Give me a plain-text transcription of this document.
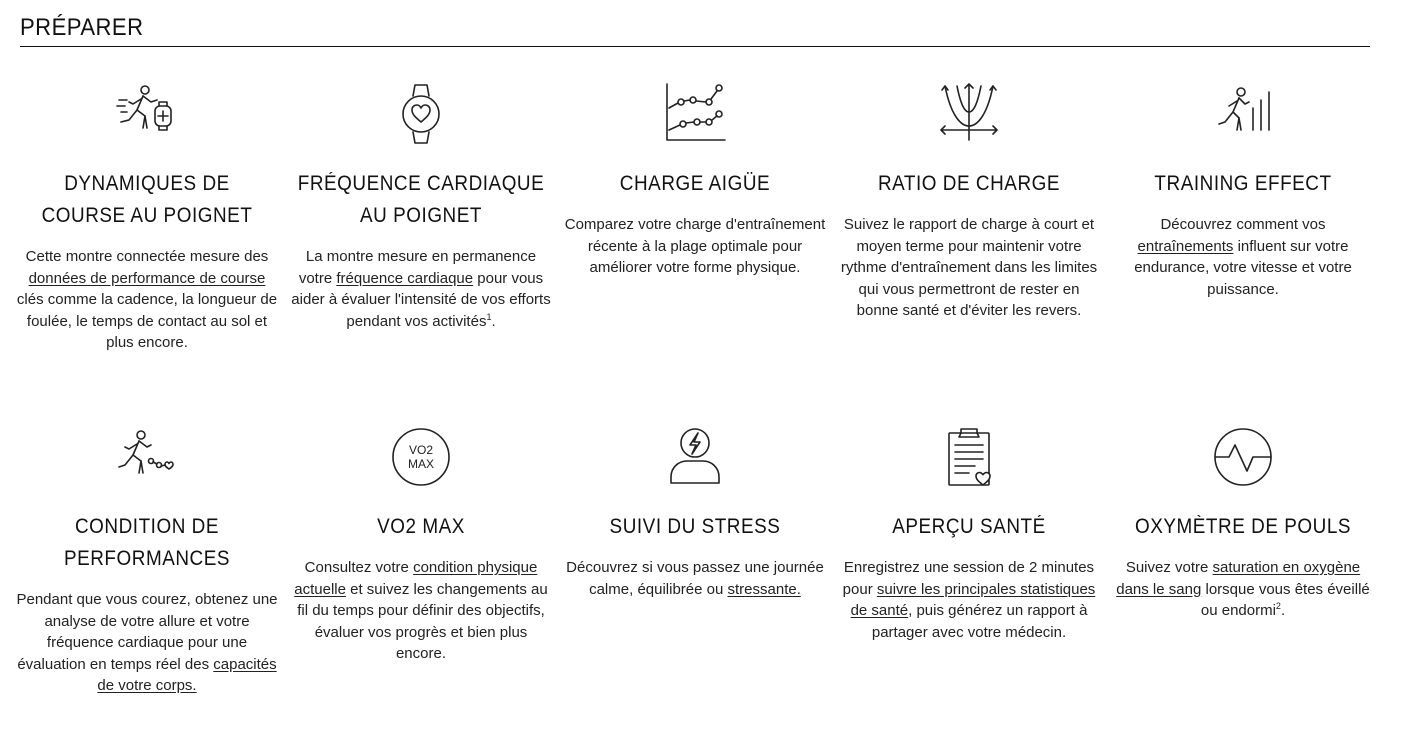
PRÉPARER
DYNAMIQUES DE COURSE AU POIGNET

Cette montre connectée mesure des données de performance de course clés comme la cadence, la longueur de foulée, le temps de contact au sol et plus encore.

FRÉQUENCE CARDIAQUE AU POIGNET

La montre mesure en permanence votre fréquence cardiaque pour vous aider à évaluer l'intensité de vos efforts pendant vos activités$^1$.

CHARGE AIGÜE

Comparez votre charge d'entraînement récente à la plage optimale pour améliorer votre forme physique.

RATIO DE CHARGE

Suivez le rapport de charge à court et moyen terme pour maintenir votre rythme d'entraînement dans les limites qui vous permettront de rester en bonne santé et d'éviter les revers.

TRAINING EFFECT

Découvrez comment vos entraînements influent sur votre endurance, votre vitesse et votre puissance.

CONDITION DE PERFORMANCES

Pendant que vous courez, obtenez une analyse de votre allure et votre fréquence cardiaque pour une évaluation en temps réel des capacités de votre corps.

VO2
MAX
VO2 MAX

Consultez votre condition physique actuelle et suivez les changements au fil du temps pour définir des objectifs, évaluer vos progrès et bien plus encore.

SUIVI DU STRESS

Découvrez si vous passez une journée calme, équilibrée ou stressante.

APERÇU SANTÉ

Enregistrez une session de 2 minutes pour suivre les principales statistiques de santé, puis générez un rapport à partager avec votre médecin.

OXYMÈTRE DE POULS

Suivez votre saturation en oxygène dans le sang lorsque vous êtes éveillé ou endormi$^2$.
